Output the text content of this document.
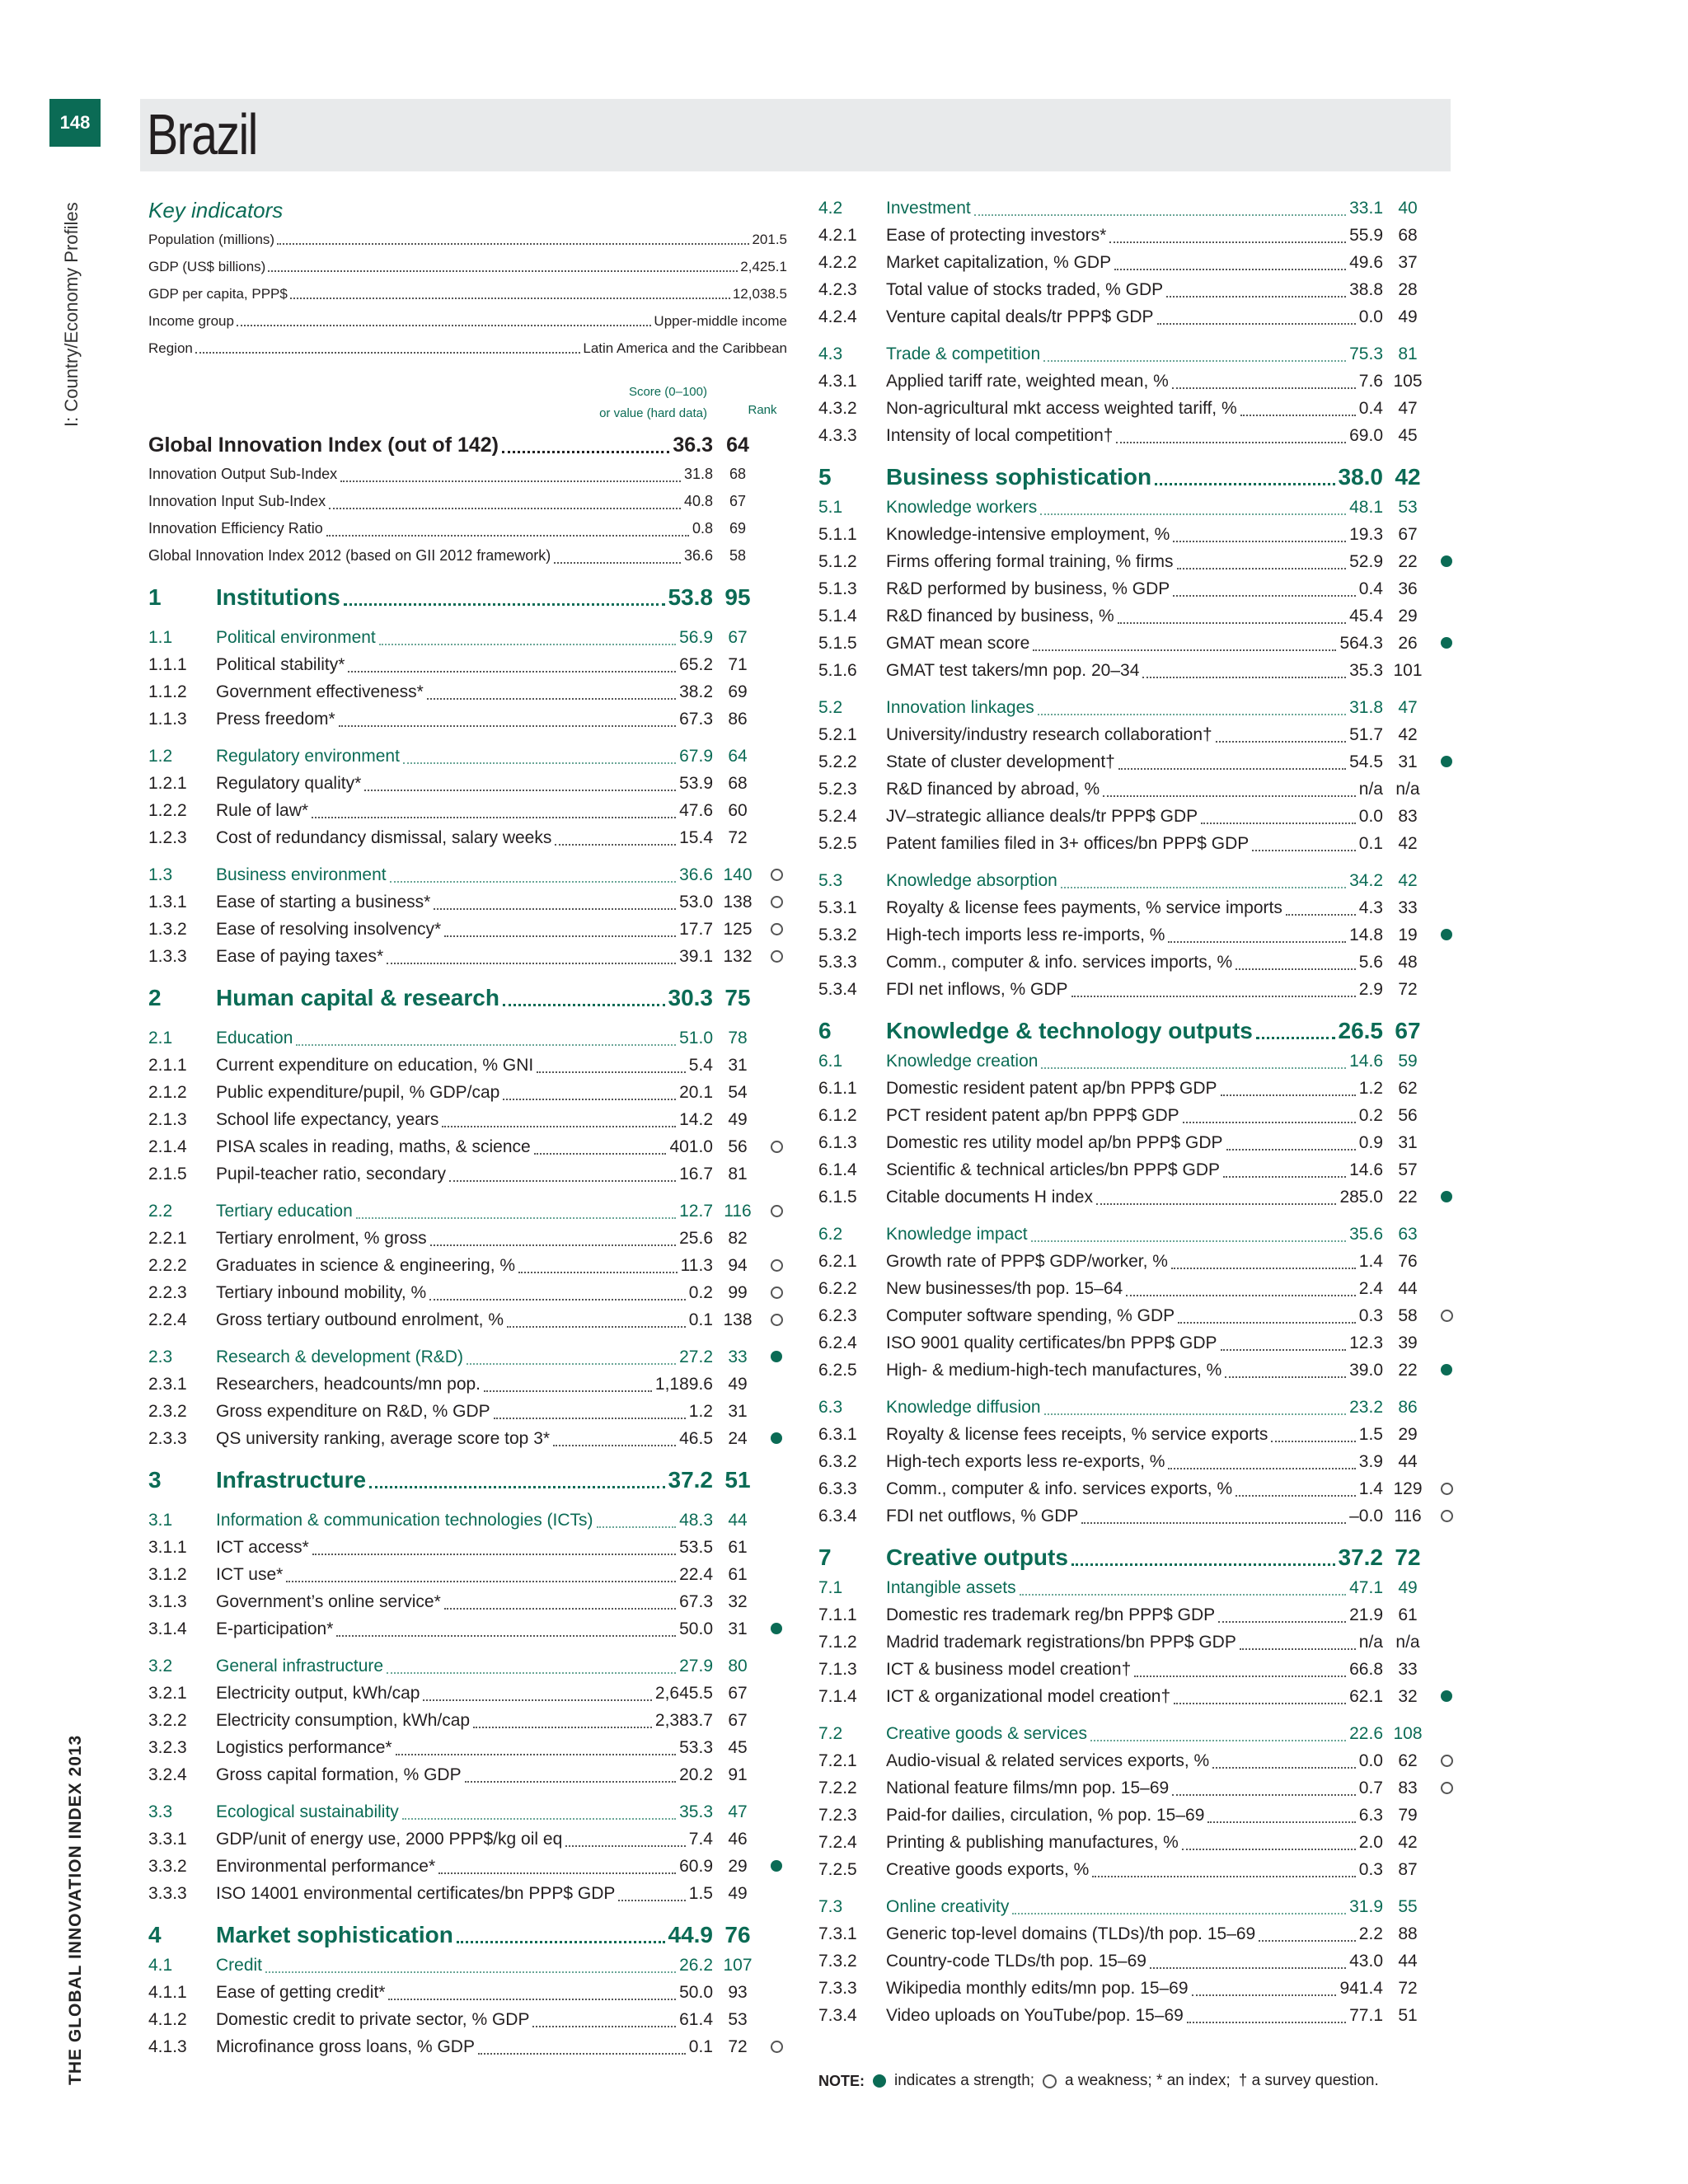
148 Brazil
I: Country/Economy Profiles
THE GLOBAL INNOVATION INDEX 2013
Key indicators
Population (millions)	201.5
GDP (US$ billions)	2,425.1
GDP per capita, PPP$	12,038.5
Income group	Upper-middle income
Region	Latin America and the Caribbean
Score (0–100)
or value (hard data)	Rank
Global Innovation Index (out of 142)	36.3 64
Innovation Output Sub-Index	31.8	68
Innovation Input Sub-Index	40.8	67
Innovation Efficiency Ratio	0.8	69
Global Innovation Index 2012 (based on GII 2012 framework)	36.6	58
1	Institutions	53.8 95
1.1	Political environment	56.9 67
1.1.1	Political stability*	65.2 71
1.1.2	Government effectiveness*	38.2 69
1.1.3	Press freedom*	67.3 86
1.2	Regulatory environment	67.9 64
1.2.1	Regulatory quality*	53.9 68
1.2.2	Rule of law*	47.6 60
1.2.3	Cost of redundancy dismissal, salary weeks	15.4 72
1.3	Business environment	36.6 140
1.3.1	Ease of starting a business*	53.0 138
1.3.2	Ease of resolving insolvency*	17.7 125
1.3.3	Ease of paying taxes*	39.1 132
2	Human capital & research	30.3 75
2.1	Education	51.0 78
2.1.1	Current expenditure on education, % GNI	5.4 31
2.1.2	Public expenditure/pupil, % GDP/cap	20.1 54
2.1.3	School life expectancy, years	14.2 49
2.1.4	PISA scales in reading, maths, & science	401.0 56
2.1.5	Pupil-teacher ratio, secondary	16.7 81
2.2	Tertiary education	12.7 116
2.2.1	Tertiary enrolment, % gross	25.6 82
2.2.2	Graduates in science & engineering, %	11.3 94
2.2.3	Tertiary inbound mobility, %	0.2 99
2.2.4	Gross tertiary outbound enrolment, %	0.1 138
2.3	Research & development (R&D)	27.2 33
2.3.1	Researchers, headcounts/mn pop.	1,189.6 49
2.3.2	Gross expenditure on R&D, % GDP	1.2 31
2.3.3	QS university ranking, average score top 3*	46.5 24
3	Infrastructure	37.2 51
3.1	Information & communication technologies (ICTs)	48.3 44
3.1.1	ICT access*	53.5 61
3.1.2	ICT use*	22.4 61
3.1.3	Government’s online service*	67.3 32
3.1.4	E-participation*	50.0 31
3.2	General infrastructure	27.9 80
3.2.1	Electricity output, kWh/cap	2,645.5 67
3.2.2	Electricity consumption, kWh/cap	2,383.7 67
3.2.3	Logistics performance*	53.3 45
3.2.4	Gross capital formation, % GDP	20.2 91
3.3	Ecological sustainability	35.3 47
3.3.1	GDP/unit of energy use, 2000 PPP$/kg oil eq	7.4 46
3.3.2	Environmental performance*	60.9 29
3.3.3	ISO 14001 environmental certificates/bn PPP$ GDP	1.5 49
4	Market sophistication	44.9 76
4.1	Credit	26.2 107
4.1.1	Ease of getting credit*	50.0 93
4.1.2	Domestic credit to private sector, % GDP	61.4 53
4.1.3	Microfinance gross loans, % GDP	0.1 72
4.2	Investment	33.1 40
4.2.1	Ease of protecting investors*	55.9 68
4.2.2	Market capitalization, % GDP	49.6 37
4.2.3	Total value of stocks traded, % GDP	38.8 28
4.2.4	Venture capital deals/tr PPP$ GDP	0.0 49
4.3	Trade & competition	75.3 81
4.3.1	Applied tariff rate, weighted mean, %	7.6 105
4.3.2	Non-agricultural mkt access weighted tariff, %	0.4 47
4.3.3	Intensity of local competition†	69.0 45
5	Business sophistication	38.0 42
5.1	Knowledge workers	48.1 53
5.1.1	Knowledge-intensive employment, %	19.3 67
5.1.2	Firms offering formal training, % firms	52.9 22
5.1.3	R&D performed by business, % GDP	0.4 36
5.1.4	R&D financed by business, %	45.4 29
5.1.5	GMAT mean score	564.3 26
5.1.6	GMAT test takers/mn pop. 20–34	35.3 101
5.2	Innovation linkages	31.8 47
5.2.1	University/industry research collaboration†	51.7 42
5.2.2	State of cluster development†	54.5 31
5.2.3	R&D financed by abroad, %	n/a n/a
5.2.4	JV–strategic alliance deals/tr PPP$ GDP	0.0 83
5.2.5	Patent families filed in 3+ offices/bn PPP$ GDP	0.1 42
5.3	Knowledge absorption	34.2 42
5.3.1	Royalty & license fees payments, % service imports	4.3 33
5.3.2	High-tech imports less re-imports, %	14.8 19
5.3.3	Comm., computer & info. services imports, %	5.6 48
5.3.4	FDI net inflows, % GDP	2.9 72
6	Knowledge & technology outputs	26.5 67
6.1	Knowledge creation	14.6 59
6.1.1	Domestic resident patent ap/bn PPP$ GDP	1.2 62
6.1.2	PCT resident patent ap/bn PPP$ GDP	0.2 56
6.1.3	Domestic res utility model ap/bn PPP$ GDP	0.9 31
6.1.4	Scientific & technical articles/bn PPP$ GDP	14.6 57
6.1.5	Citable documents H index	285.0 22
6.2	Knowledge impact	35.6 63
6.2.1	Growth rate of PPP$ GDP/worker, %	1.4 76
6.2.2	New businesses/th pop. 15–64	2.4 44
6.2.3	Computer software spending, % GDP	0.3 58
6.2.4	ISO 9001 quality certificates/bn PPP$ GDP	12.3 39
6.2.5	High- & medium-high-tech manufactures, %	39.0 22
6.3	Knowledge diffusion	23.2 86
6.3.1	Royalty & license fees receipts, % service exports	1.5 29
6.3.2	High-tech exports less re-exports, %	3.9 44
6.3.3	Comm., computer & info. services exports, %	1.4 129
6.3.4	FDI net outflows, % GDP	–0.0 116
7	Creative outputs	37.2 72
7.1	Intangible assets	47.1 49
7.1.1	Domestic res trademark reg/bn PPP$ GDP	21.9 61
7.1.2	Madrid trademark registrations/bn PPP$ GDP	n/a n/a
7.1.3	ICT & business model creation†	66.8 33
7.1.4	ICT & organizational model creation†	62.1 32
7.2	Creative goods & services	22.6 108
7.2.1	Audio-visual & related services exports, %	0.0 62
7.2.2	National feature films/mn pop. 15–69	0.7 83
7.2.3	Paid-for dailies, circulation, % pop. 15–69	6.3 79
7.2.4	Printing & publishing manufactures, %	2.0 42
7.2.5	Creative goods exports, %	0.3 87
7.3	Online creativity	31.9 55
7.3.1	Generic top-level domains (TLDs)/th pop. 15–69	2.2 88
7.3.2	Country-code TLDs/th pop. 15–69	43.0 44
7.3.3	Wikipedia monthly edits/mn pop. 15–69	941.4 72
7.3.4	Video uploads on YouTube/pop. 15–69	77.1 51
NOTE: indicates a strength; a weakness; * an index; † a survey question.
